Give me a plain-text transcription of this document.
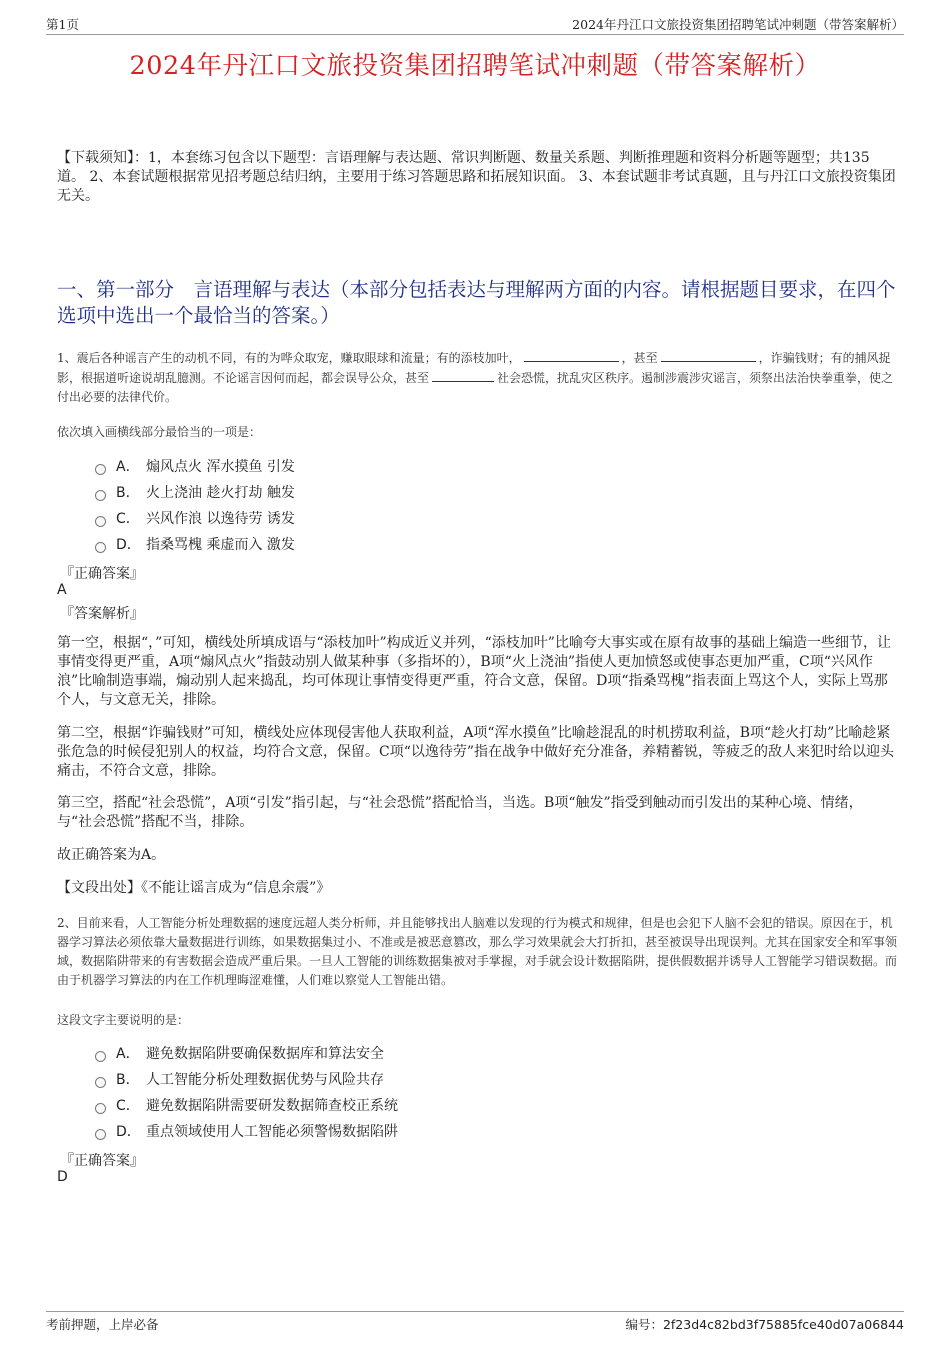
第1页	2024年丹江口文旅投资集团招聘笔试冲刺题（带答案解析）
2024年丹江口文旅投资集团招聘笔试冲刺题（带答案解析）
【下载须知】：1，本套练习包含以下题型：言语理解与表达题、常识判断题、数量关系题、判断推理题和资料分析题等题型；共135道。 2、本套试题根据常见招考题总结归纳，主要用于练习答题思路和拓展知识面。 3、本套试题非考试真题，且与丹江口文旅投资集团无关。
一、第一部分　言语理解与表达（本部分包括表达与理解两方面的内容。请根据题目要求，在四个选项中选出一个最恰当的答案。）
1、震后各种谣言产生的动机不同，有的为哗众取宠，赚取眼球和流量；有的添枝加叶，	，甚至	，诈骗钱财；有的捕风捉影，根据道听途说胡乱臆测。不论谣言因何而起，都会误导公众，甚至	社会恐慌，扰乱灾区秩序。遏制涉震涉灾谣言，须祭出法治快拳重拳，使之付出必要的法律代价。
依次填入画横线部分最恰当的一项是：
A． 煽风点火 浑水摸鱼 引发
B． 火上浇油 趁火打劫 触发
C． 兴风作浪 以逸待劳 诱发
D． 指桑骂槐 乘虚而入 激发
『正确答案』
A
『答案解析』
第一空，根据“，”可知，横线处所填成语与“添枝加叶”构成近义并列，“添枝加叶”比喻夸大事实或在原有故事的基础上编造一些细节，让事情变得更严重，A项“煽风点火”指鼓动别人做某种事（多指坏的），B项“火上浇油”指使人更加愤怒或使事态更加严重，C项“兴风作浪”比喻制造事端，煽动别人起来捣乱，均可体现让事情变得更严重，符合文意，保留。D项“指桑骂槐”指表面上骂这个人，实际上骂那个人，与文意无关，排除。
第二空，根据“诈骗钱财”可知，横线处应体现侵害他人获取利益，A项“浑水摸鱼”比喻趁混乱的时机捞取利益，B项“趁火打劫”比喻趁紧张危急的时候侵犯别人的权益，均符合文意，保留。C项“以逸待劳”指在战争中做好充分准备，养精蓄锐，等疲乏的敌人来犯时给以迎头痛击，不符合文意，排除。
第三空，搭配“社会恐慌”，A项“引发”指引起，与“社会恐慌”搭配恰当，当选。B项“触发”指受到触动而引发出的某种心境、情绪，与“社会恐慌”搭配不当，排除。
故正确答案为A。
【文段出处】《不能让谣言成为“信息余震”》
2、目前来看，人工智能分析处理数据的速度远超人类分析师，并且能够找出人脑难以发现的行为模式和规律，但是也会犯下人脑不会犯的错误。原因在于，机器学习算法必须依靠大量数据进行训练，如果数据集过小、不准或是被恶意篡改，那么学习效果就会大打折扣，甚至被误导出现误判。尤其在国家安全和军事领域，数据陷阱带来的有害数据会造成严重后果。一旦人工智能的训练数据集被对手掌握，对手就会设计数据陷阱，提供假数据并诱导人工智能学习错误数据。而由于机器学习算法的内在工作机理晦涩难懂，人们难以察觉人工智能出错。
这段文字主要说明的是：
A． 避免数据陷阱要确保数据库和算法安全
B． 人工智能分析处理数据优势与风险共存
C． 避免数据陷阱需要研发数据筛查校正系统
D． 重点领域使用人工智能必须警惕数据陷阱
『正确答案』
D
考前押题，上岸必备	编号：2f23d4c82bd3f75885fce40d07a06844
